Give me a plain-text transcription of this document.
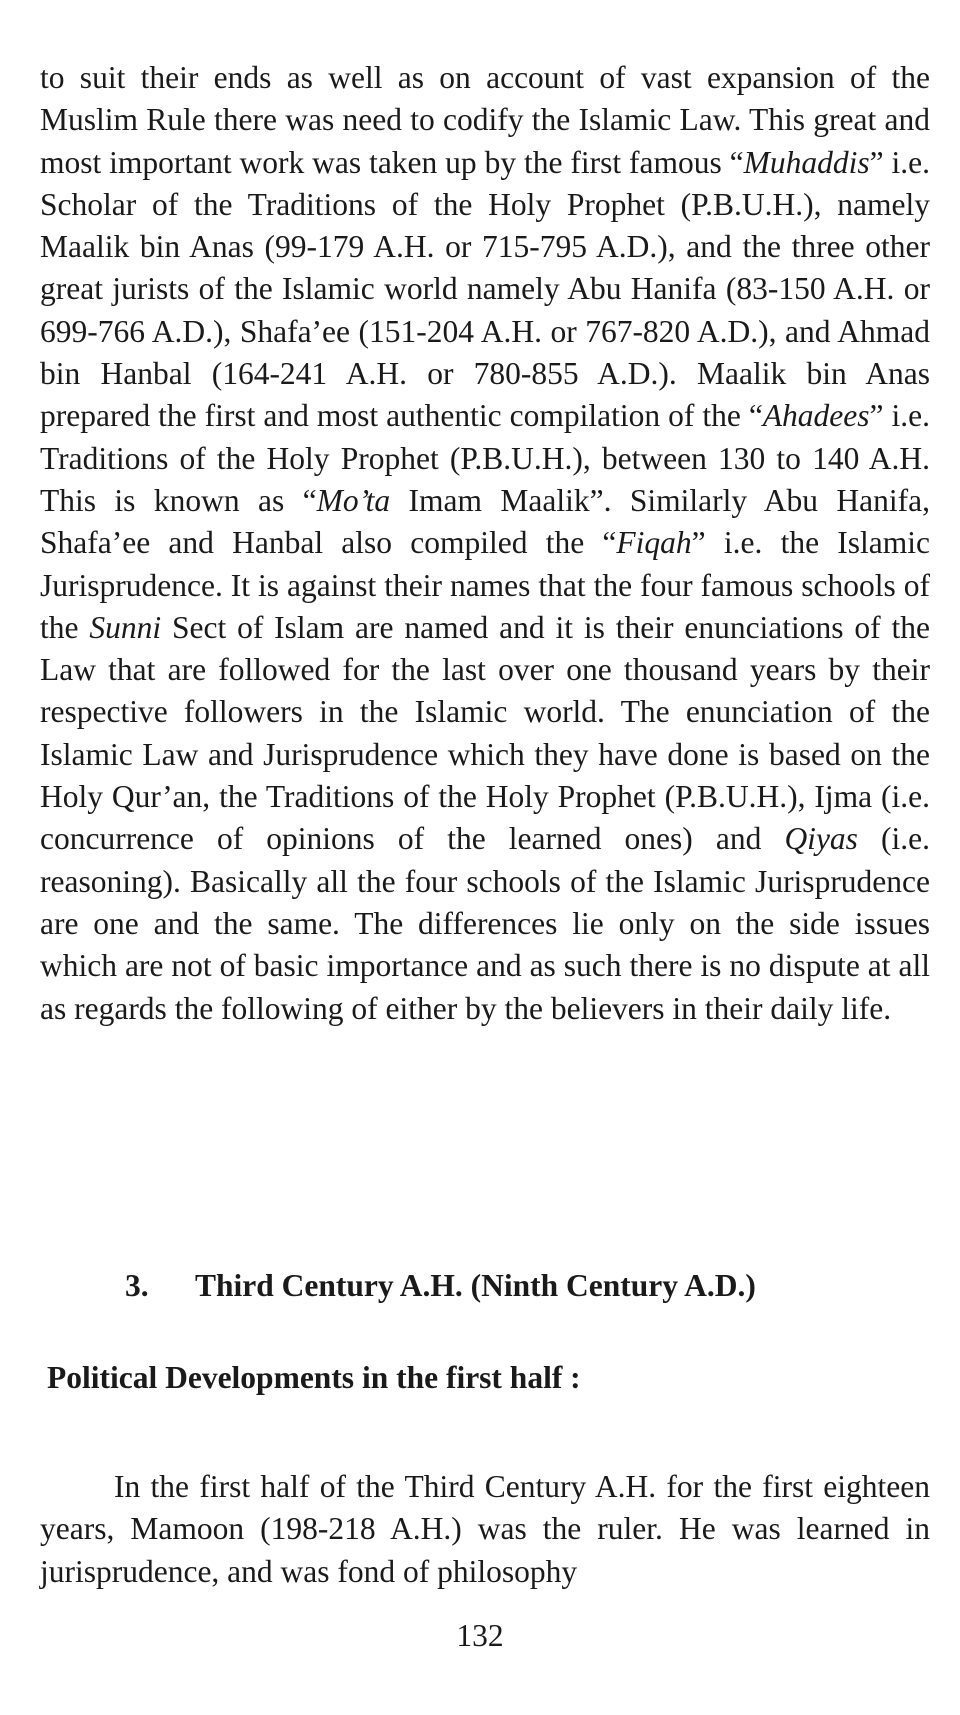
to suit their ends as well as on account of vast expansion of the Muslim Rule there was need to codify the Islamic Law. This great and most important work was taken up by the first famous “Muhaddis” i.e. Scholar of the Traditions of the Holy Prophet (P.B.U.H.), namely Maalik bin Anas (99-179 A.H. or 715-795 A.D.), and the three other great jurists of the Islamic world namely Abu Hanifa (83-150 A.H. or 699-766 A.D.), Shafa’ee (151-204 A.H. or 767-820 A.D.), and Ahmad bin Hanbal (164-241 A.H. or 780-855 A.D.). Maalik bin Anas prepared the first and most authentic compilation of the “Ahadees” i.e. Traditions of the Holy Prophet (P.B.U.H.), between 130 to 140 A.H. This is known as “Mo’ta Imam Maalik”. Similarly Abu Hanifa, Shafa’ee and Hanbal also compiled the “Fiqah” i.e. the Islamic Jurisprudence. It is against their names that the four famous schools of the Sunni Sect of Islam are named and it is their enunciations of the Law that are followed for the last over one thousand years by their respective followers in the Islamic world. The enunciation of the Islamic Law and Jurisprudence which they have done is based on the Holy Qur’an, the Traditions of the Holy Prophet (P.B.U.H.), Ijma (i.e. concurrence of opinions of the learned ones) and Qiyas (i.e. reasoning). Basically all the four schools of the Islamic Jurisprudence are one and the same. The differences lie only on the side issues which are not of basic importance and as such there is no dispute at all as regards the following of either by the believers in their daily life.

3. Third Century A.H. (Ninth Century A.D.)
Political Developments in the first half :

In the first half of the Third Century A.H. for the first eighteen years, Mamoon (198-218 A.H.) was the ruler. He was learned in jurisprudence, and was fond of philosophy

132
